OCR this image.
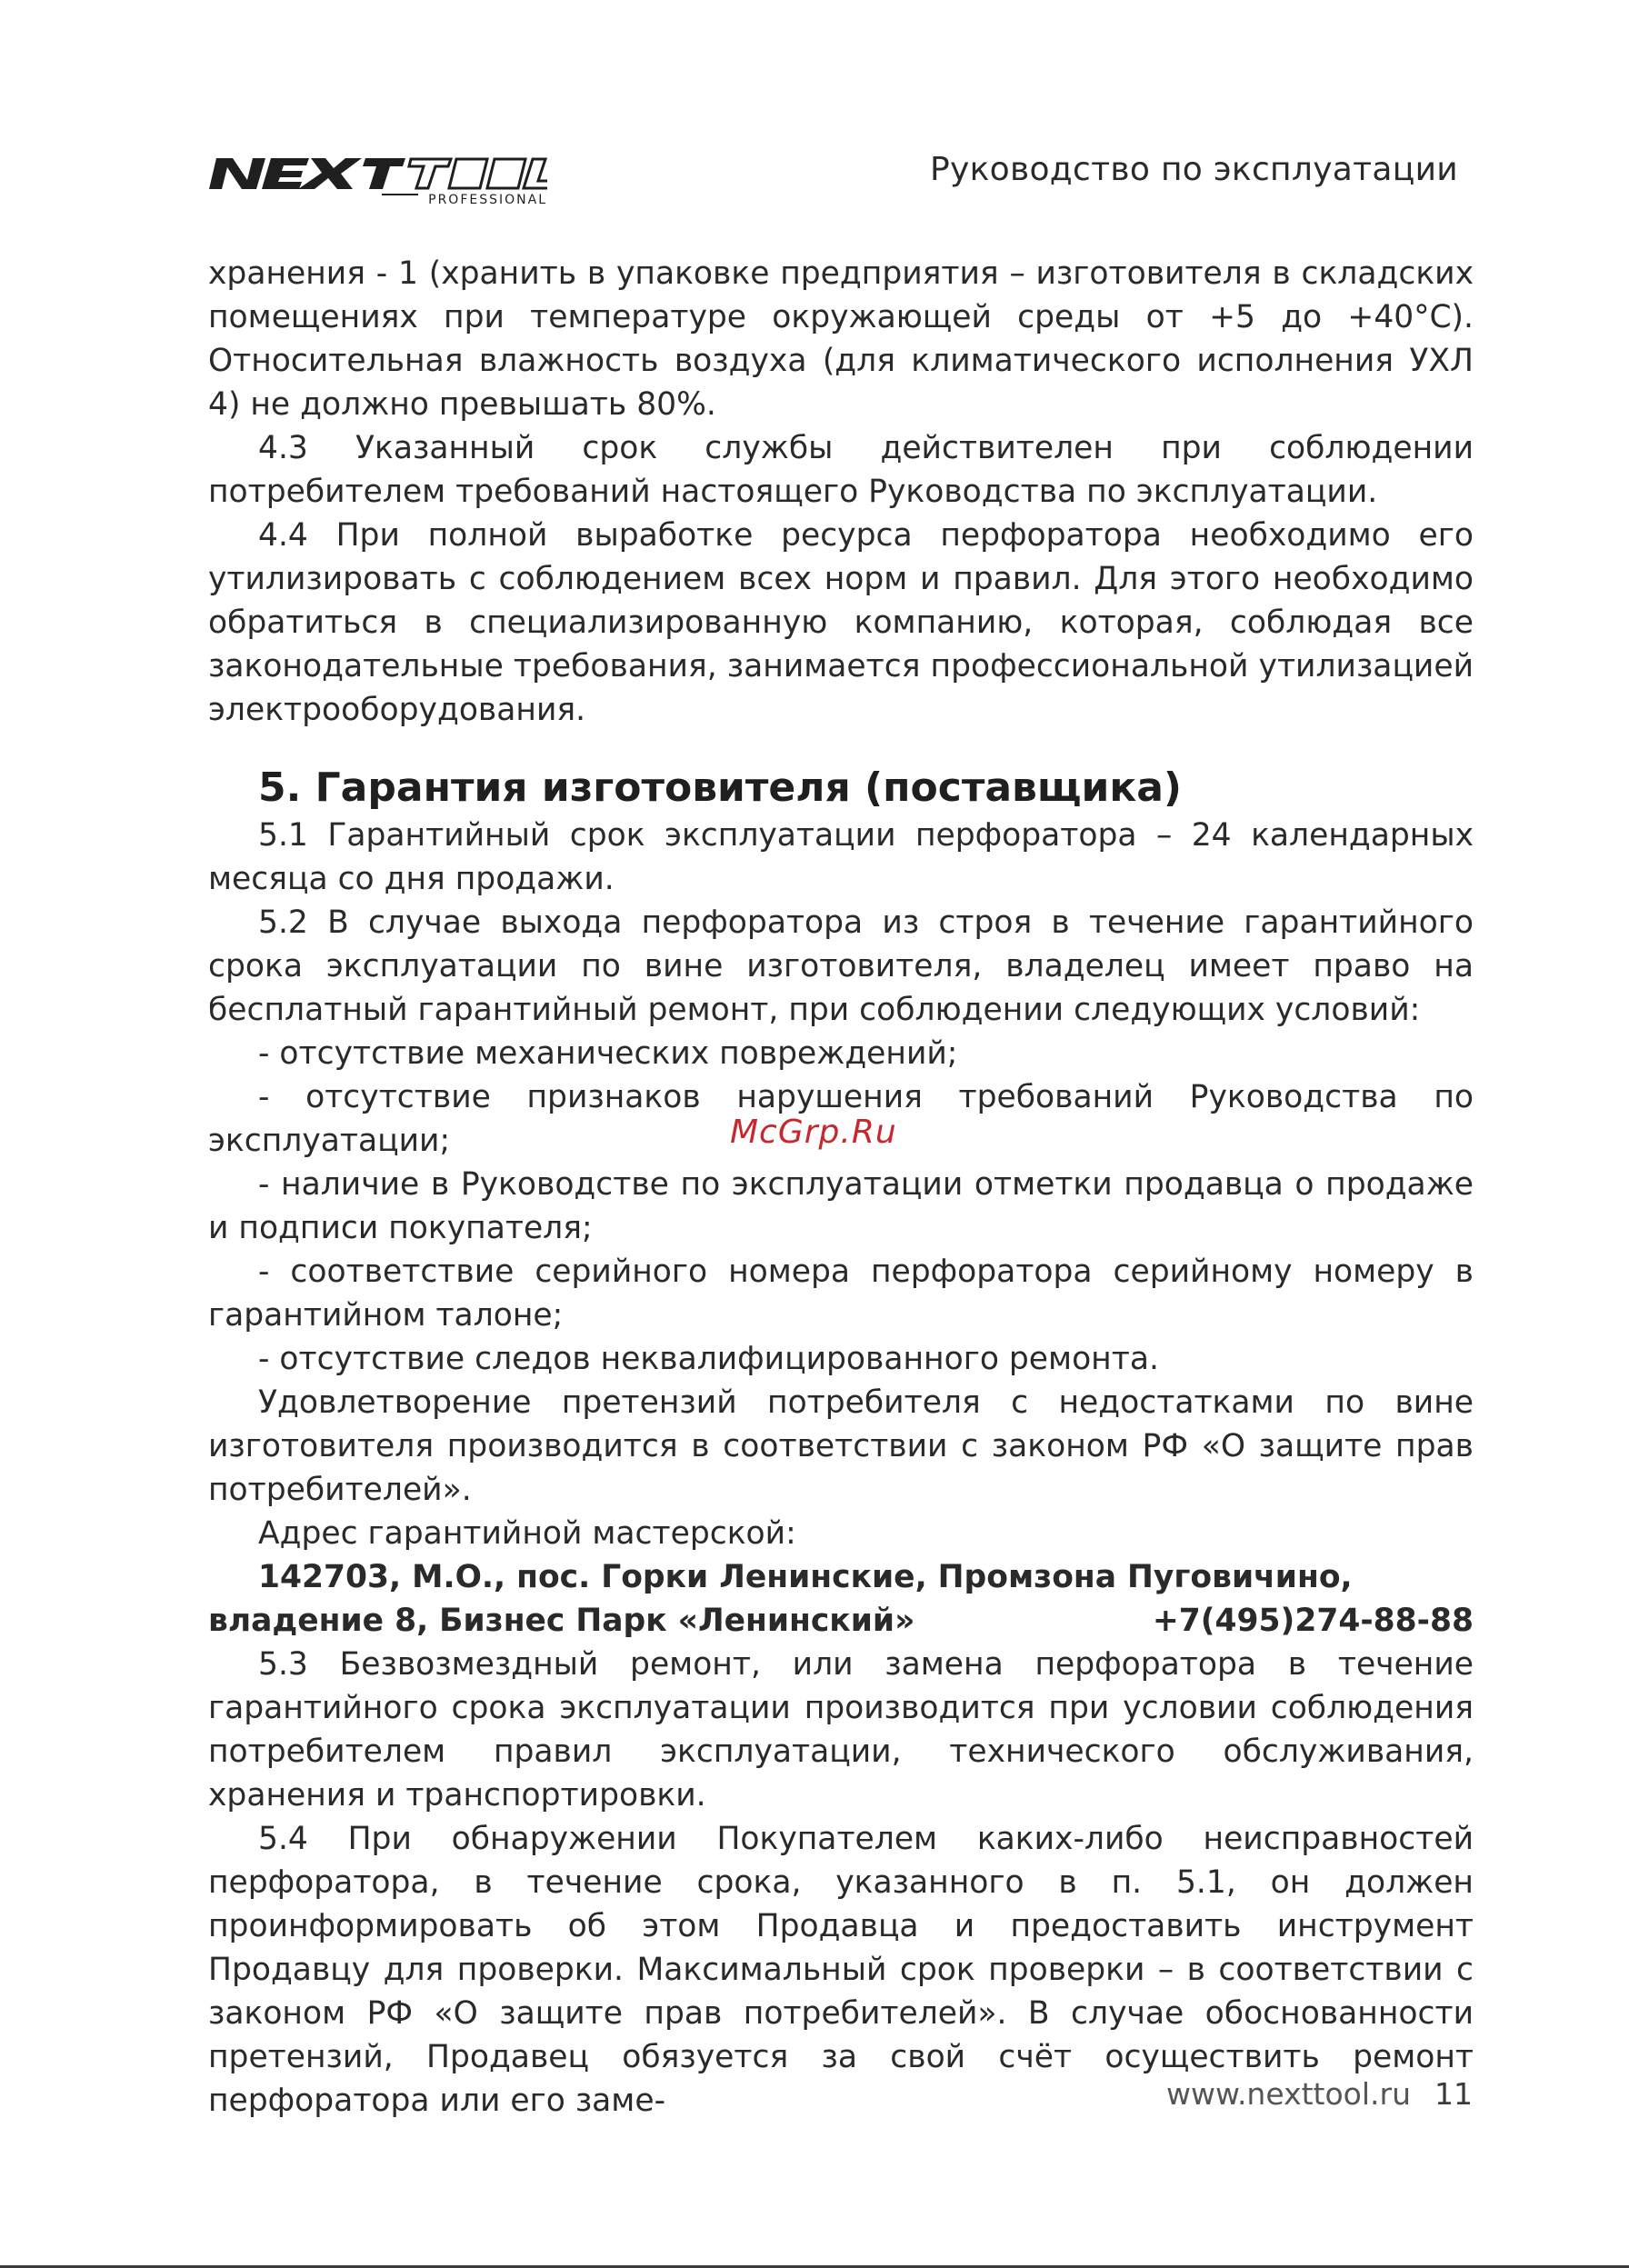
PROFESSIONAL
Руководство по эксплуатации

хранения - 1 (хранить в упаковке предприятия – изготовителя в складских помещениях при температуре окружающей среды от +5 до +40°С). Относительная влажность воздуха (для климатического исполнения УХЛ 4) не должно превышать 80%.

4.3 Указанный срок службы действителен при соблюдении потребителем требований настоящего Руководства по эксплуатации.

4.4 При полной выработке ресурса перфоратора необходимо его утилизировать с соблюдением всех норм и правил. Для этого необходимо обратиться в специализированную компанию, которая, соблюдая все законодательные требования, занимается профессиональной утилизацией электрооборудования.

5. Гарантия изготовителя (поставщика)

5.1 Гарантийный срок эксплуатации перфоратора – 24 календарных месяца со дня продажи.

5.2 В случае выхода перфоратора из строя в течение гарантийного срока эксплуатации по вине изготовителя, владелец имеет право на бесплатный гарантийный ремонт, при соблюдении следующих условий:

- отсутствие механических повреждений;

- отсутствие признаков нарушения требований Руководства по эксплуатации;

- наличие в Руководстве по эксплуатации отметки продавца о продаже и подписи покупателя;

- соответствие серийного номера перфоратора серийному номеру в гарантийном талоне;

- отсутствие следов неквалифицированного ремонта.

Удовлетворение претензий потребителя с недостатками по вине изготовителя производится в соответствии с законом РФ «О защите прав потребителей».

Адрес гарантийной мастерской:

142703, М.О., пос. Горки Ленинские, Промзона Пуговичино,

владение 8, Бизнес Парк «Ленинский»	+7(495)274-88-88

5.3 Безвозмездный ремонт, или замена перфоратора в течение гарантийного срока эксплуатации производится при условии соблюдения потребителем правил эксплуатации, технического обслуживания, хранения и транспортировки.

5.4 При обнаружении Покупателем каких-либо неисправностей перфоратора, в течение срока, указанного в п. 5.1, он должен проинформировать об этом Продавца и предоставить инструмент Продавцу для проверки. Максимальный срок проверки – в соответствии с законом РФ «О защите прав потребителей». В случае обоснованности претензий, Продавец обязуется за свой счёт осуществить ремонт перфоратора или его заме-

McGrp.Ru
www.nexttool.ru 11
